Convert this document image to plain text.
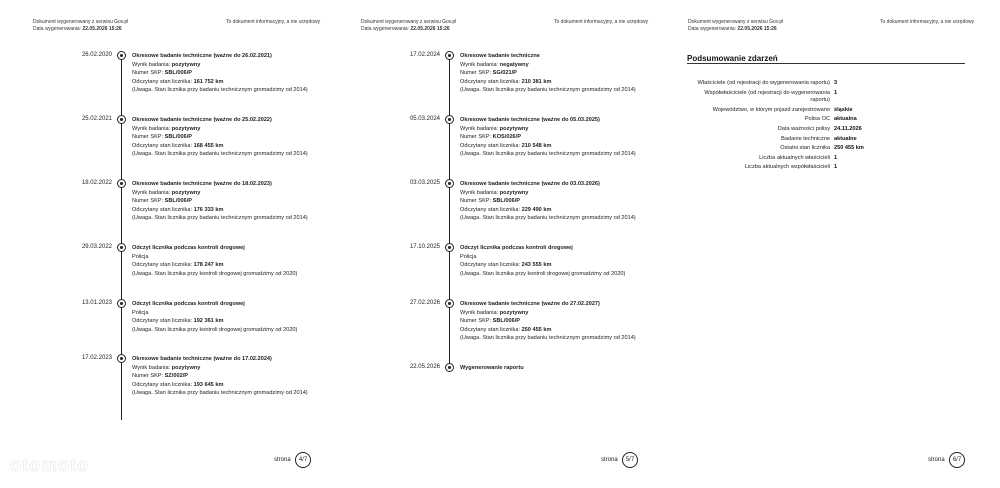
Dokument wygenerowany z serwisu Gov.pl
Data wygenerowania: 22.05.2026 15:26
To dokument informacyjny, a nie urzędowy
26.02.2020	Okresowe badanie techniczne (ważne do 26.02.2021)
Wynik badania: pozytywny
Numer SKP: SBL/006/P
Odczytany stan licznika: 161 752 km
(Uwaga. Stan licznika przy badaniu technicznym gromadzimy od 2014)
25.02.2021	Okresowe badanie techniczne (ważne do 25.02.2022)
Wynik badania: pozytywny
Numer SKP: SBL/006/P
Odczytany stan licznika: 168 455 km
(Uwaga. Stan licznika przy badaniu technicznym gromadzimy od 2014)
18.02.2022	Okresowe badanie techniczne (ważne do 18.02.2023)
Wynik badania: pozytywny
Numer SKP: SBL/006/P
Odczytany stan licznika: 176 333 km
(Uwaga. Stan licznika przy badaniu technicznym gromadzimy od 2014)
29.03.2022	Odczyt licznika podczas kontroli drogowej
Policja
Odczytany stan licznika: 178 247 km
(Uwaga. Stan licznika przy kontroli drogowej gromadzimy od 2020)
13.01.2023	Odczyt licznika podczas kontroli drogowej
Policja
Odczytany stan licznika: 192 361 km
(Uwaga. Stan licznika przy kontroli drogowej gromadzimy od 2020)
17.02.2023	Okresowe badanie techniczne (ważne do 17.02.2024)
Wynik badania: pozytywny
Numer SKP: SZ/002/P
Odczytany stan licznika: 193 645 km
(Uwaga. Stan licznika przy badaniu technicznym gromadzimy od 2014)
strona	4/7
otomoto
Dokument wygenerowany z serwisu Gov.pl
Data wygenerowania: 22.05.2026 15:26
To dokument informacyjny, a nie urzędowy
17.02.2024	Okresowe badanie techniczne
Wynik badania: negatywny
Numer SKP: SG/021/P
Odczytany stan licznika: 210 381 km
(Uwaga. Stan licznika przy badaniu technicznym gromadzimy od 2014)
05.03.2024	Okresowe badanie techniczne (ważne do 05.03.2025)
Wynik badania: pozytywny
Numer SKP: KOS/026/P
Odczytany stan licznika: 210 548 km
(Uwaga. Stan licznika przy badaniu technicznym gromadzimy od 2014)
03.03.2025	Okresowe badanie techniczne (ważne do 03.03.2026)
Wynik badania: pozytywny
Numer SKP: SBL/006/P
Odczytany stan licznika: 229 490 km
(Uwaga. Stan licznika przy badaniu technicznym gromadzimy od 2014)
17.10.2025	Odczyt licznika podczas kontroli drogowej
Policja
Odczytany stan licznika: 243 555 km
(Uwaga. Stan licznika przy kontroli drogowej gromadzimy od 2020)
27.02.2026	Okresowe badanie techniczne (ważne do 27.02.2027)
Wynik badania: pozytywny
Numer SKP: SBL/006/P
Odczytany stan licznika: 250 455 km
(Uwaga. Stan licznika przy badaniu technicznym gromadzimy od 2014)
22.05.2026	Wygenerowanie raportu
strona	5/7
Dokument wygenerowany z serwisu Gov.pl
Data wygenerowania: 22.05.2026 15:26
To dokument informacyjny, a nie urzędowy
Podsumowanie zdarzeń
Właściciele (od rejestracji do wygenerowania raportu) 3
Współwłaściciele (od rejestracji do wygenerowania raportu)
1
Województwo, w którym pojazd zarejestrowano śląskie
Polisa OC aktualna
Data ważności polisy 24.11.2026
Badanie techniczne aktualne
Ostatni stan licznika 250 455 km
Liczba aktualnych właścicieli 1
Liczba aktualnych współwłaścicieli 1
strona	6/7
